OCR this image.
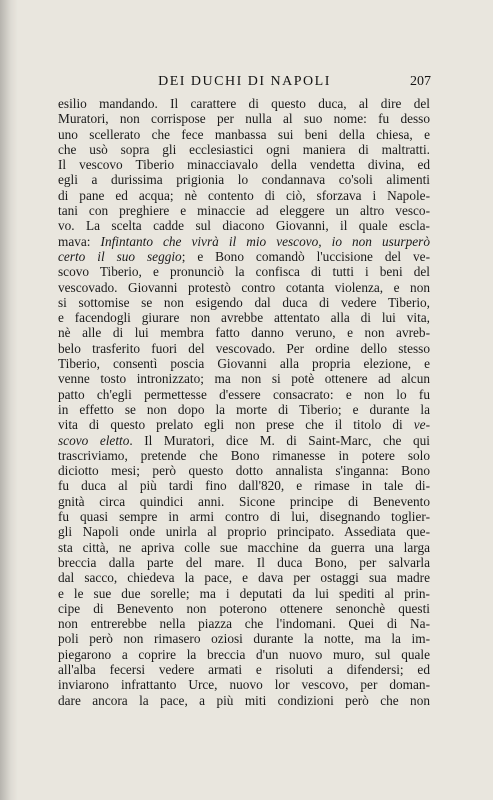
DEI DUCHI DI NAPOLI	207
esilio mandando. Il carattere di questo duca, al dire del
Muratori, non corrispose per nulla al suo nome: fu desso
uno scellerato che fece manbassa sui beni della chiesa, e
che usò sopra gli ecclesiastici ogni maniera di maltratti.
Il vescovo Tiberio minacciavalo della vendetta divina, ed
egli a durissima prigionia lo condannava co'soli alimenti
di pane ed acqua; nè contento di ciò, sforzava i Napole-
tani con preghiere e minaccie ad eleggere un altro vesco-
vo. La scelta cadde sul diacono Giovanni, il quale escla-
mava: Infintanto che vivrà il mio vescovo, io non usurperò
certo il suo seggio; e Bono comandò l'uccisione del ve-
scovo Tiberio, e pronunciò la confisca di tutti i beni del
vescovado. Giovanni protestò contro cotanta violenza, e non
si sottomise se non esigendo dal duca di vedere Tiberio,
e facendogli giurare non avrebbe attentato alla di lui vita,
nè alle di lui membra fatto danno veruno, e non avreb-
belo trasferito fuori del vescovado. Per ordine dello stesso
Tiberio, consentì poscia Giovanni alla propria elezione, e
venne tosto intronizzato; ma non si potè ottenere ad alcun
patto ch'egli permettesse d'essere consacrato: e non lo fu
in effetto se non dopo la morte di Tiberio; e durante la
vita di questo prelato egli non prese che il titolo di ve-
scovo eletto. Il Muratori, dice M. di Saint-Marc, che qui
trascriviamo, pretende che Bono rimanesse in potere solo
diciotto mesi; però questo dotto annalista s'inganna: Bono
fu duca al più tardi fino dall'820, e rimase in tale di-
gnità circa quindici anni. Sicone principe di Benevento
fu quasi sempre in armi contro di lui, disegnando toglier-
gli Napoli onde unirla al proprio principato. Assediata que-
sta città, ne apriva colle sue macchine da guerra una larga
breccia dalla parte del mare. Il duca Bono, per salvarla
dal sacco, chiedeva la pace, e dava per ostaggi sua madre
e le sue due sorelle; ma i deputati da lui spediti al prin-
cipe di Benevento non poterono ottenere senonchè questi
non entrerebbe nella piazza che l'indomani. Quei di Na-
poli però non rimasero oziosi durante la notte, ma la im-
piegarono a coprire la breccia d'un nuovo muro, sul quale
all'alba fecersi vedere armati e risoluti a difendersi; ed
inviarono infrattanto Urce, nuovo lor vescovo, per doman-
dare ancora la pace, a più miti condizioni però che non
